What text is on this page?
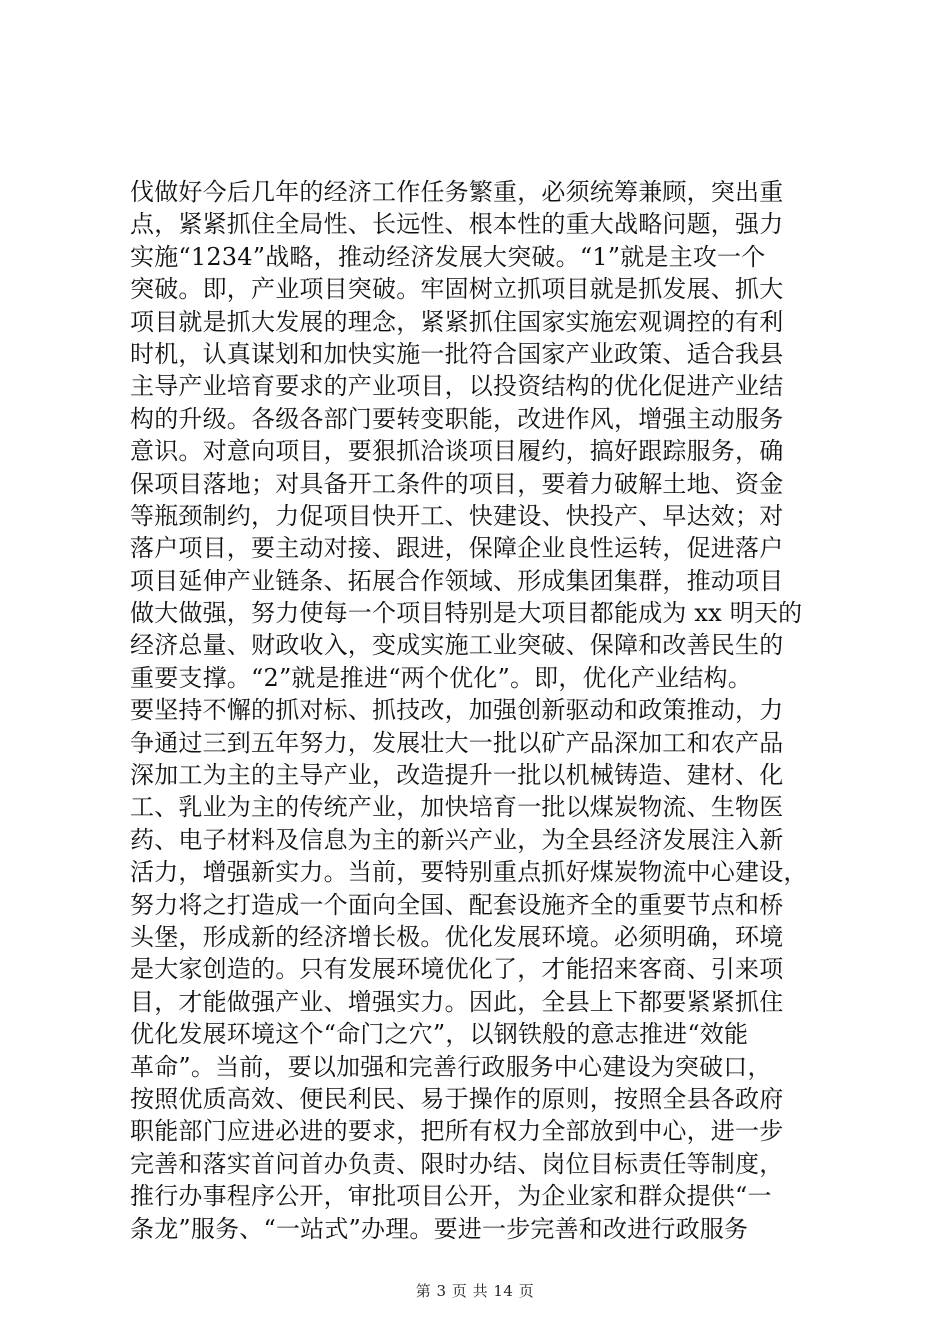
伐做好今后几年的经济工作任务繁重，必须统筹兼顾，突出重
点，紧紧抓住全局性、长远性、根本性的重大战略问题，强力
实施“1234”战略，推动经济发展大突破。“1”就是主攻一个
突破。即，产业项目突破。牢固树立抓项目就是抓发展、抓大
项目就是抓大发展的理念，紧紧抓住国家实施宏观调控的有利
时机，认真谋划和加快实施一批符合国家产业政策、适合我县
主导产业培育要求的产业项目，以投资结构的优化促进产业结
构的升级。各级各部门要转变职能，改进作风，增强主动服务
意识。对意向项目，要狠抓洽谈项目履约，搞好跟踪服务，确
保项目落地；对具备开工条件的项目，要着力破解土地、资金
等瓶颈制约，力促项目快开工、快建设、快投产、早达效；对
落户项目，要主动对接、跟进，保障企业良性运转，促进落户
项目延伸产业链条、拓展合作领域、形成集团集群，推动项目
做大做强，努力使每一个项目特别是大项目都能成为 xx 明天的
经济总量、财政收入，变成实施工业突破、保障和改善民生的
重要支撑。“2”就是推进“两个优化”。即，优化产业结构。
要坚持不懈的抓对标、抓技改，加强创新驱动和政策推动，力
争通过三到五年努力，发展壮大一批以矿产品深加工和农产品
深加工为主的主导产业，改造提升一批以机械铸造、建材、化
工、乳业为主的传统产业，加快培育一批以煤炭物流、生物医
药、电子材料及信息为主的新兴产业，为全县经济发展注入新
活力，增强新实力。当前，要特别重点抓好煤炭物流中心建设，
努力将之打造成一个面向全国、配套设施齐全的重要节点和桥
头堡，形成新的经济增长极。优化发展环境。必须明确，环境
是大家创造的。只有发展环境优化了，才能招来客商、引来项
目，才能做强产业、增强实力。因此，全县上下都要紧紧抓住
优化发展环境这个“命门之穴”，以钢铁般的意志推进“效能
革命”。当前，要以加强和完善行政服务中心建设为突破口，
按照优质高效、便民利民、易于操作的原则，按照全县各政府
职能部门应进必进的要求，把所有权力全部放到中心，进一步
完善和落实首问首办负责、限时办结、岗位目标责任等制度，
推行办事程序公开，审批项目公开，为企业家和群众提供“一
条龙”服务、“一站式”办理。要进一步完善和改进行政服务
第 3 页 共 14 页
